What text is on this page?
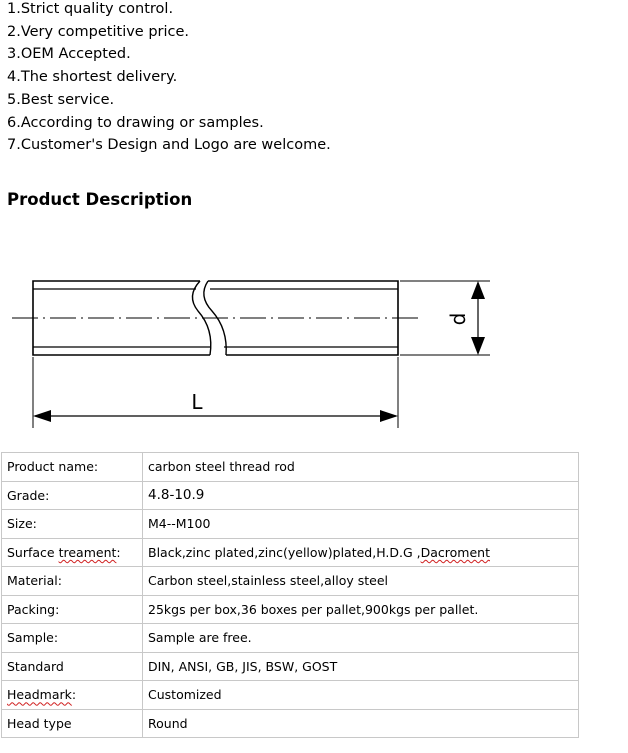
1.Strict quality control.
2.Very competitive price.
3.OEM Accepted.
4.The shortest delivery.
5.Best service.
6.According to drawing or samples.
7.Customer's Design and Logo are welcome.
Product Description
d
L
Product name:	carbon steel thread rod
Grade:	4.8-10.9
Size:	M4--M100
Surface treament:	Black,zinc plated,zinc(yellow)plated,H.D.G ,Dacroment
Material:	Carbon steel,stainless steel,alloy steel
Packing:	25kgs per box,36 boxes per pallet,900kgs per pallet.
Sample:	Sample are free.
Standard	DIN, ANSI, GB, JIS, BSW, GOST
Headmark:	Customized
Head type	Round
